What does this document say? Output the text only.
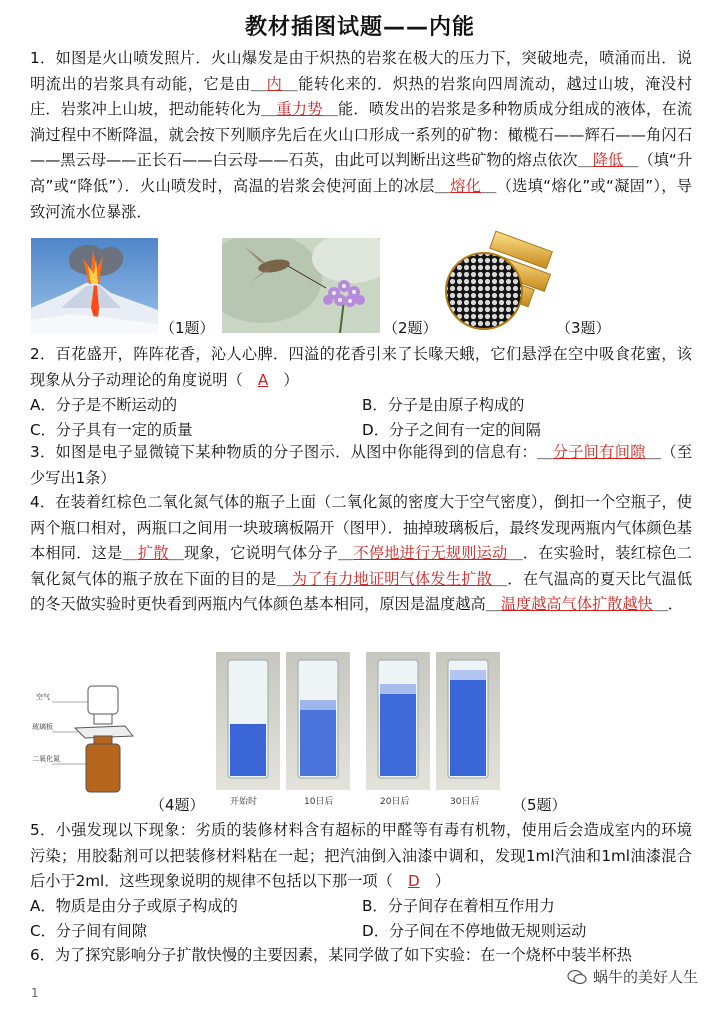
教材插图试题——内能
1．如图是火山喷发照片．火山爆发是由于炽热的岩浆在极大的压力下，突破地壳，喷涌而出．说明流出的岩浆具有动能，它是由＿内＿能转化来的．炽热的岩浆向四周流动，越过山坡，淹没村庄．岩浆冲上山坡，把动能转化为＿重力势＿能．喷发出的岩浆是多种物质成分组成的液体，在流淌过程中不断降温，就会按下列顺序先后在火山口形成一系列的矿物：橄榄石——辉石——角闪石——黑云母——正长石——白云母——石英，由此可以判断出这些矿物的熔点依次＿降低＿（填“升高”或“降低”）．火山喷发时，高温的岩浆会使河面上的冰层＿熔化＿（选填“熔化”或“凝固”），导致河流水位暴涨．
（1题）	（2题）	（3题）
2．百花盛开，阵阵花香，沁人心脾．四溢的花香引来了长喙天蛾，它们悬浮在空中吸食花蜜，该现象从分子动理论的角度说明（　A　）
A．分子是不断运动的	B．分子是由原子构成的
C．分子具有一定的质量	D．分子之间有一定的间隔
3．如图是电子显微镜下某种物质的分子图示．从图中你能得到的信息有：＿分子间有间隙＿（至少写出1条）
4．在装着红棕色二氧化氮气体的瓶子上面（二氧化氮的密度大于空气密度），倒扣一个空瓶子，使两个瓶口相对，两瓶口之间用一块玻璃板隔开（图甲）．抽掉玻璃板后，最终发现两瓶内气体颜色基本相同．这是＿扩散＿现象，它说明气体分子＿不停地进行无规则运动＿．在实验时，装红棕色二氧化氮气体的瓶子放在下面的目的是＿为了有力地证明气体发生扩散＿．在气温高的夏天比气温低的冬天做实验时更快看到两瓶内气体颜色基本相同，原因是温度越高＿温度越高气体扩散越快＿．
空气
玻璃板
二氧化氮
（4题）	开始时	10日后	20日后	30日后 （5题）
5．小强发现以下现象：劣质的装修材料含有超标的甲醛等有毒有机物，使用后会造成室内的环境污染；用胶黏剂可以把装修材料粘在一起；把汽油倒入油漆中调和，发现1ml汽油和1ml油漆混合后小于2ml．这些现象说明的规律不包括以下那一项（　D　）
A．物质是由分子或原子构成的	B．分子间存在着相互作用力
C．分子间有间隙	D．分子间在不停地做无规则运动
6．为了探究影响分子扩散快慢的主要因素，某同学做了如下实验：在一个烧杯中装半杯热
蜗牛的美好人生
1
